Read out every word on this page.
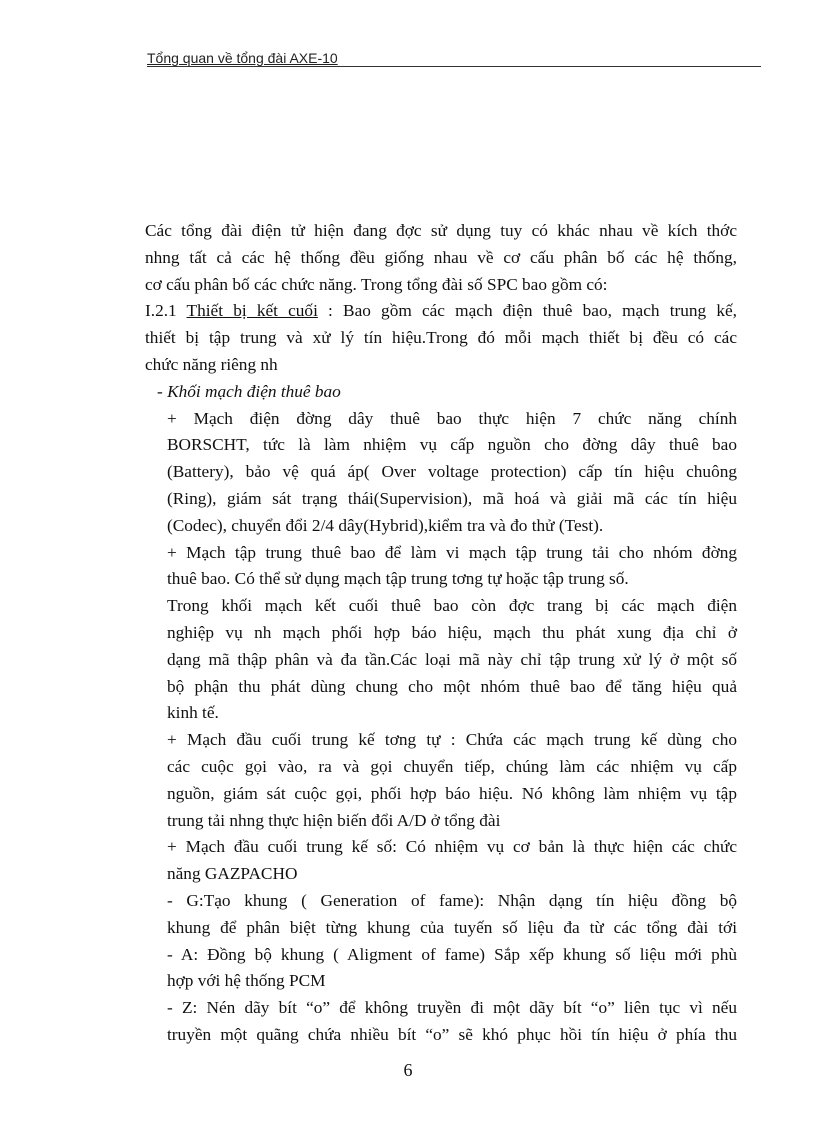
Tổng quan về tổng đài AXE-10
Các tổng đài điện tử hiện đang đợc sử dụng tuy có khác nhau về kích thớc
nhng tất cả các hệ thống đều giống nhau về cơ cấu phân bố các hệ thống,
cơ cấu phân bố các chức năng. Trong tổng đài số SPC bao gồm có:
I.2.1 Thiết bị kết cuối : Bao gồm các mạch điện thuê bao, mạch trung kế,
thiết bị tập trung và xử lý tín hiệu.Trong đó mỗi mạch thiết bị đều có các
chức năng riêng nh
- Khối mạch điện thuê bao
+ Mạch điện đờng dây thuê bao thực hiện 7 chức năng chính
BORSCHT, tức là làm nhiệm vụ cấp nguồn cho đờng dây thuê bao
(Battery), bảo vệ quá áp( Over voltage protection) cấp tín hiệu chuông
(Ring), giám sát trạng thái(Supervision), mã hoá và giải mã các tín hiệu
(Codec), chuyển đổi 2/4 dây(Hybrid),kiểm tra và đo thử (Test).
+ Mạch tập trung thuê bao để làm vi mạch tập trung tải cho nhóm đờng
thuê bao. Có thể sử dụng mạch tập trung tơng tự hoặc tập trung số.
Trong khối mạch kết cuối thuê bao còn đợc trang bị các mạch điện
nghiệp vụ nh mạch phối hợp báo hiệu, mạch thu phát xung địa chỉ ở
dạng mã thập phân và đa tần.Các loại mã này chỉ tập trung xử lý ở một số
bộ phận thu phát dùng chung cho một nhóm thuê bao để tăng hiệu quả
kinh tế.
+ Mạch đầu cuối trung kế tơng tự : Chứa các mạch trung kế dùng cho
các cuộc gọi vào, ra và gọi chuyển tiếp, chúng làm các nhiệm vụ cấp
nguồn, giám sát cuộc gọi, phối hợp báo hiệu. Nó không làm nhiệm vụ tập
trung tải nhng thực hiện biến đổi A/D ở tổng đài
+ Mạch đầu cuối trung kế số: Có nhiệm vụ cơ bản là thực hiện các chức
năng GAZPACHO
- G:Tạo khung ( Generation of fame): Nhận dạng tín hiệu đồng bộ
khung để phân biệt từng khung của tuyến số liệu đa từ các tổng đài tới
- A: Đồng bộ khung ( Aligment of fame) Sắp xếp khung số liệu mới phù
hợp với hệ thống PCM
- Z: Nén dãy bít “o” để không truyền đi một dãy bít “o” liên tục vì nếu
truyền một quãng chứa nhiều bít “o” sẽ khó phục hồi tín hiệu ở phía thu
6
